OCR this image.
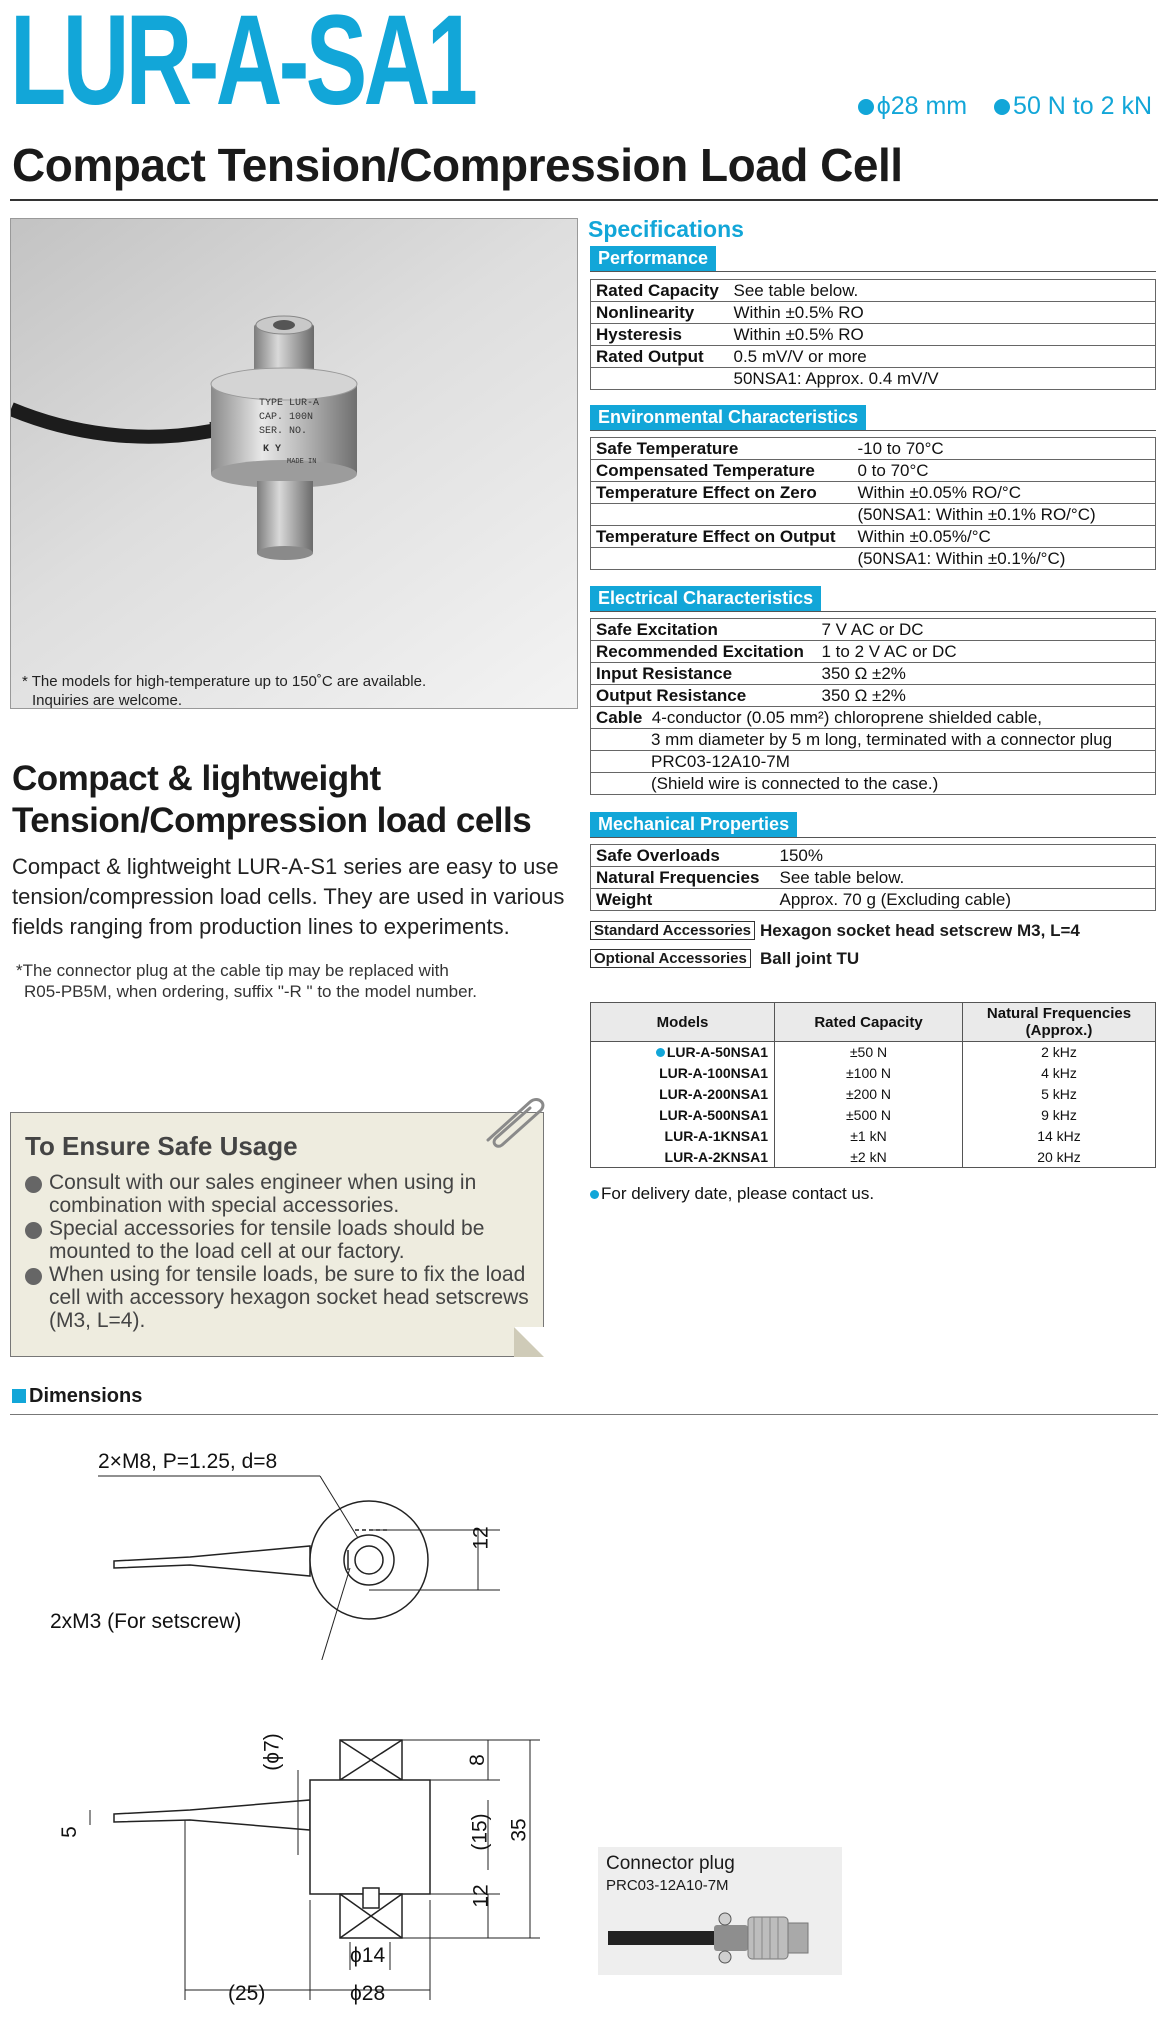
LUR-A-SA1	ϕ28 mm 50 N to 2 kN
Compact Tension/Compression Load Cell
TYPE LUR-A
CAP. 100N
SER. NO.
K Y
MADE IN
* The models for high-temperature up to 150˚C are available.
Inquiries are welcome.
Compact & lightweight
Tension/Compression load cells
Compact & lightweight LUR-A-S1 series are easy to use
tension/compression load cells. They are used in various
fields ranging from production lines to experiments.
*The connector plug at the cable tip may be replaced with
R05-PB5M, when ordering, suffix "-R " to the model number.
To Ensure Safe Usage
Consult with our sales engineer when using in combination with special accessories.
Special accessories for tensile loads should be mounted to the load cell at our factory.
When using for tensile loads, be sure to fix the load cell with accessory hexagon socket head setscrews (M3, L=4).
Specifications
Performance
Rated Capacity	See table below.
Nonlinearity	Within ±0.5% RO
Hysteresis	Within ±0.5% RO
Rated Output	0.5 mV/V or more
	50NSA1: Approx. 0.4 mV/V
Environmental Characteristics
Safe Temperature	-10 to 70°C
Compensated Temperature	0 to 70°C
Temperature Effect on Zero	Within ±0.05% RO/°C
	(50NSA1: Within ±0.1% RO/°C)
Temperature Effect on Output	Within ±0.05%/°C
	(50NSA1: Within ±0.1%/°C)
Electrical Characteristics
Safe Excitation	7 V AC or DC
Recommended Excitation	1 to 2 V AC or DC
Input Resistance	350 Ω ±2%
Output Resistance	350 Ω ±2%
Cable 4-conductor (0.05 mm²) chloroprene shielded cable,	
3 mm diameter by 5 m long, terminated with a connector plug	
PRC03-12A10-7M	
(Shield wire is connected to the case.)	
Mechanical Properties
Safe Overloads	150%
Natural Frequencies	See table below.
Weight	Approx. 70 g (Excluding cable)
Standard Accessories Hexagon socket head setscrew M3, L=4
Optional Accessories Ball joint TU
Models	Rated Capacity	Natural Frequencies
(Approx.)

LUR-A-50NSA1	±50 N	2 kHz
LUR-A-100NSA1	±100 N	4 kHz
LUR-A-200NSA1	±200 N	5 kHz
LUR-A-500NSA1	±500 N	9 kHz
LUR-A-1KNSA1	±1 kN	14 kHz
LUR-A-2KNSA1	±2 kN	20 kHz
For delivery date, please contact us.
Dimensions
2×M8, P=1.25, d=8
2xM3 (For setscrew)
12
(ϕ7)	8
(15) 35
12
5
ϕ14
(25)	ϕ28
Connector plug
PRC03-12A10-7M
